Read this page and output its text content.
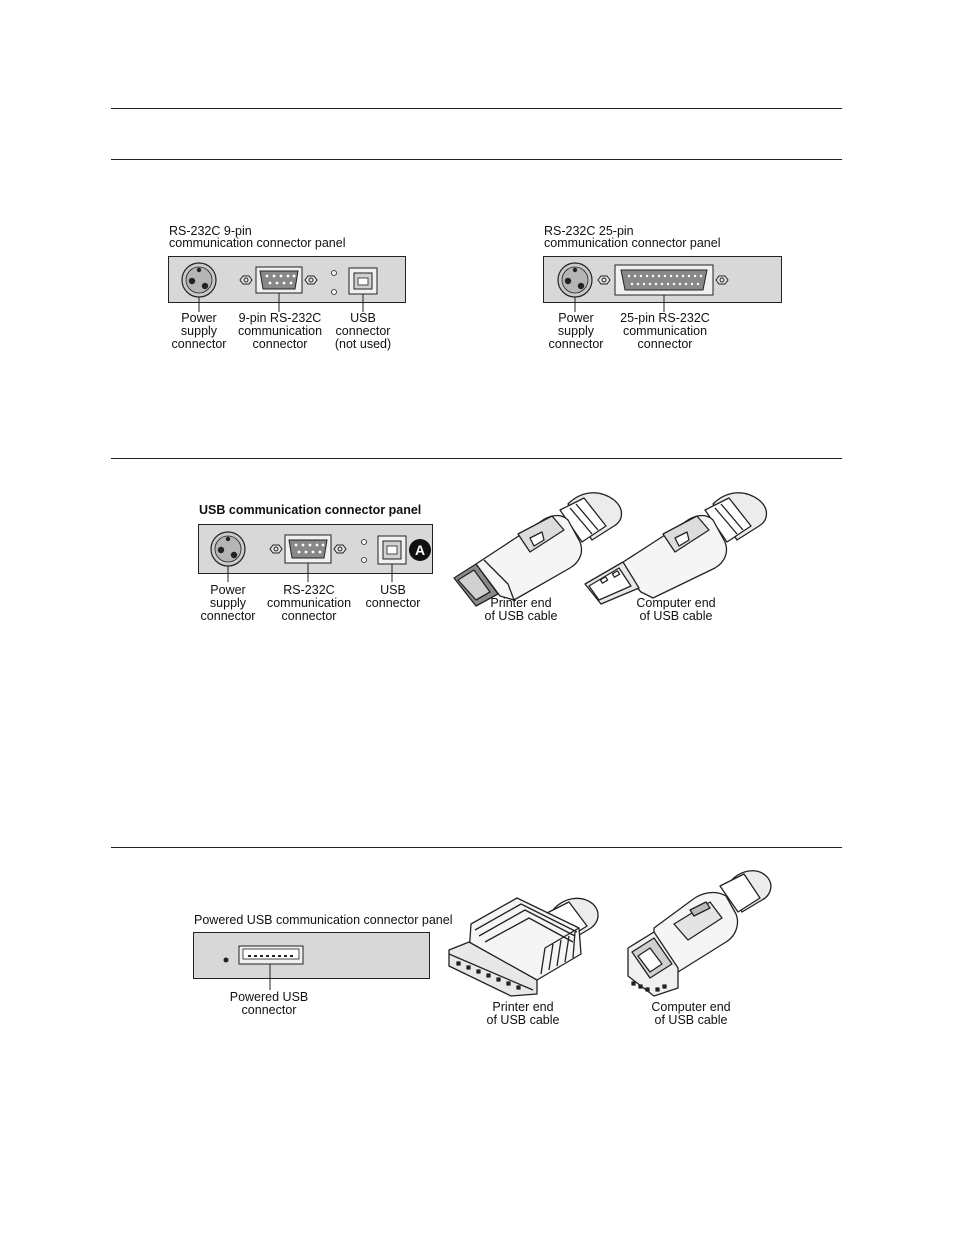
RS-232C 9-pin
communication connector panel
Power
supply
connector
9-pin RS-232C
communication
connector
USB
connector
(not used)
RS-232C 25-pin
communication connector panel
Power
supply
connector
25-pin RS-232C
communication
connector
USB communication connector panel
A
Power
supply
connector
RS-232C
communication
connector
USB
connector	Printer end
of USB cable
Computer end
of USB cable
Powered USB communication connector panel
Powered USB
connector	Printer end
of USB cable
Computer end
of USB cable
